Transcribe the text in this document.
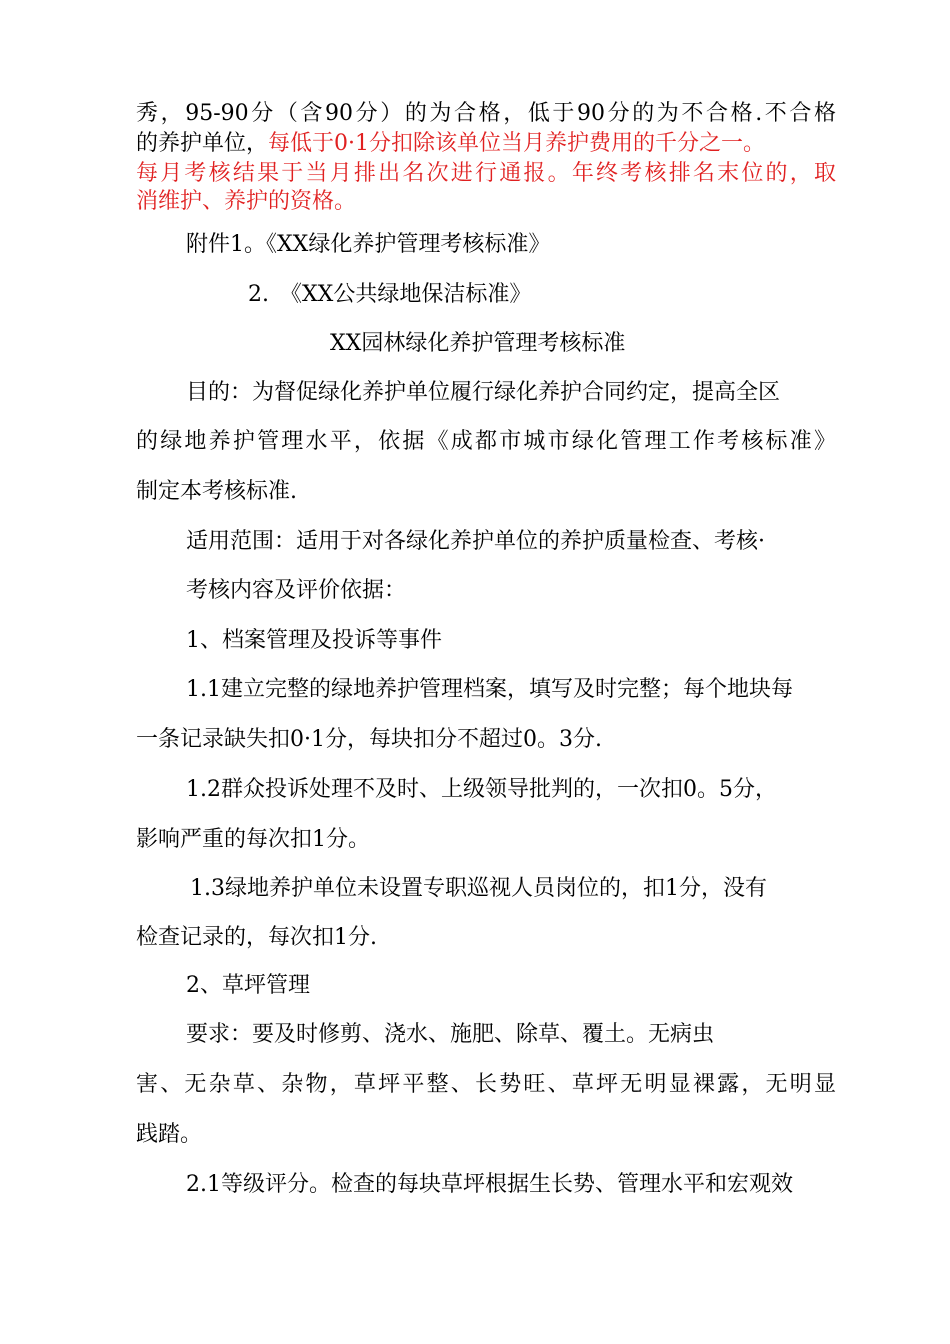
秀，95-90分（含90分）的为合格，低于90分的为不合格.不合格
的养护单位，每低于0·1分扣除该单位当月养护费用的千分之一。
每月考核结果于当月排出名次进行通报。年终考核排名末位的，取
消维护、养护的资格。
附件1。《XX绿化养护管理考核标准》
2.　《XX公共绿地保洁标准》
XX园林绿化养护管理考核标准
目的：为督促绿化养护单位履行绿化养护合同约定，提高全区
的绿地养护管理水平，依据《成都市城市绿化管理工作考核标准》
制定本考核标准.
适用范围：适用于对各绿化养护单位的养护质量检查、考核·
考核内容及评价依据：
1、档案管理及投诉等事件
1.1建立完整的绿地养护管理档案，填写及时完整；每个地块每
一条记录缺失扣0·1分，每块扣分不超过0。3分.
1.2群众投诉处理不及时、上级领导批判的，一次扣0。5分，
影响严重的每次扣1分。
1.3绿地养护单位未设置专职巡视人员岗位的，扣1分，没有
检查记录的，每次扣1分.
2、草坪管理
要求：要及时修剪、浇水、施肥、除草、覆土。无病虫
害、无杂草、杂物，草坪平整、长势旺、草坪无明显裸露，无明显
践踏。
2.1等级评分。检查的每块草坪根据生长势、管理水平和宏观效
